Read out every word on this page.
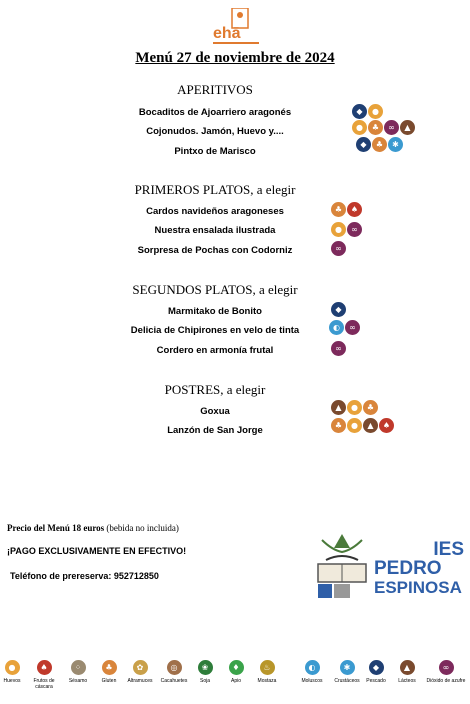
ehā
Menú 27 de noviembre de 2024
APERITIVOS
Bocaditos de Ajoarriero aragonés
Cojonudos. Jamón, Huevo y....
Pintxo de Marisco
◆	●
●	♣	∞	▲
◆	♣	✱
PRIMEROS PLATOS, a elegir
Cardos navideños aragoneses
Nuestra ensalada ilustrada
Sorpresa de Pochas con Codorniz
♣	♠
●	∞
∞
SEGUNDOS PLATOS, a elegir
Marmitako de Bonito
Delicia de Chipirones en velo de tinta
Cordero en armonía frutal
◆
◐	∞
∞
POSTRES, a elegir
Goxua
Lanzón de San Jorge
▲	●	♣
♣	●	▲	♠
Precio del Menú 18 euros (bebida no incluida)
¡PAGO EXCLUSIVAMENTE EN EFECTIVO!
Teléfono de prereserva: 952712850
IES
PEDRO
ESPINOSA
●
Huevos
♠
Frutos de cáscara
⁘
Sésamo
♣
Gluten
✿
Altramuces
◎
Cacahuetes
❀
Soja
♦
Apio
♨
Mostaza
◐
Moluscos
✱
Crustáceos
◆
Pescado
▲
Lácteos
∞
Dióxido de azufre
